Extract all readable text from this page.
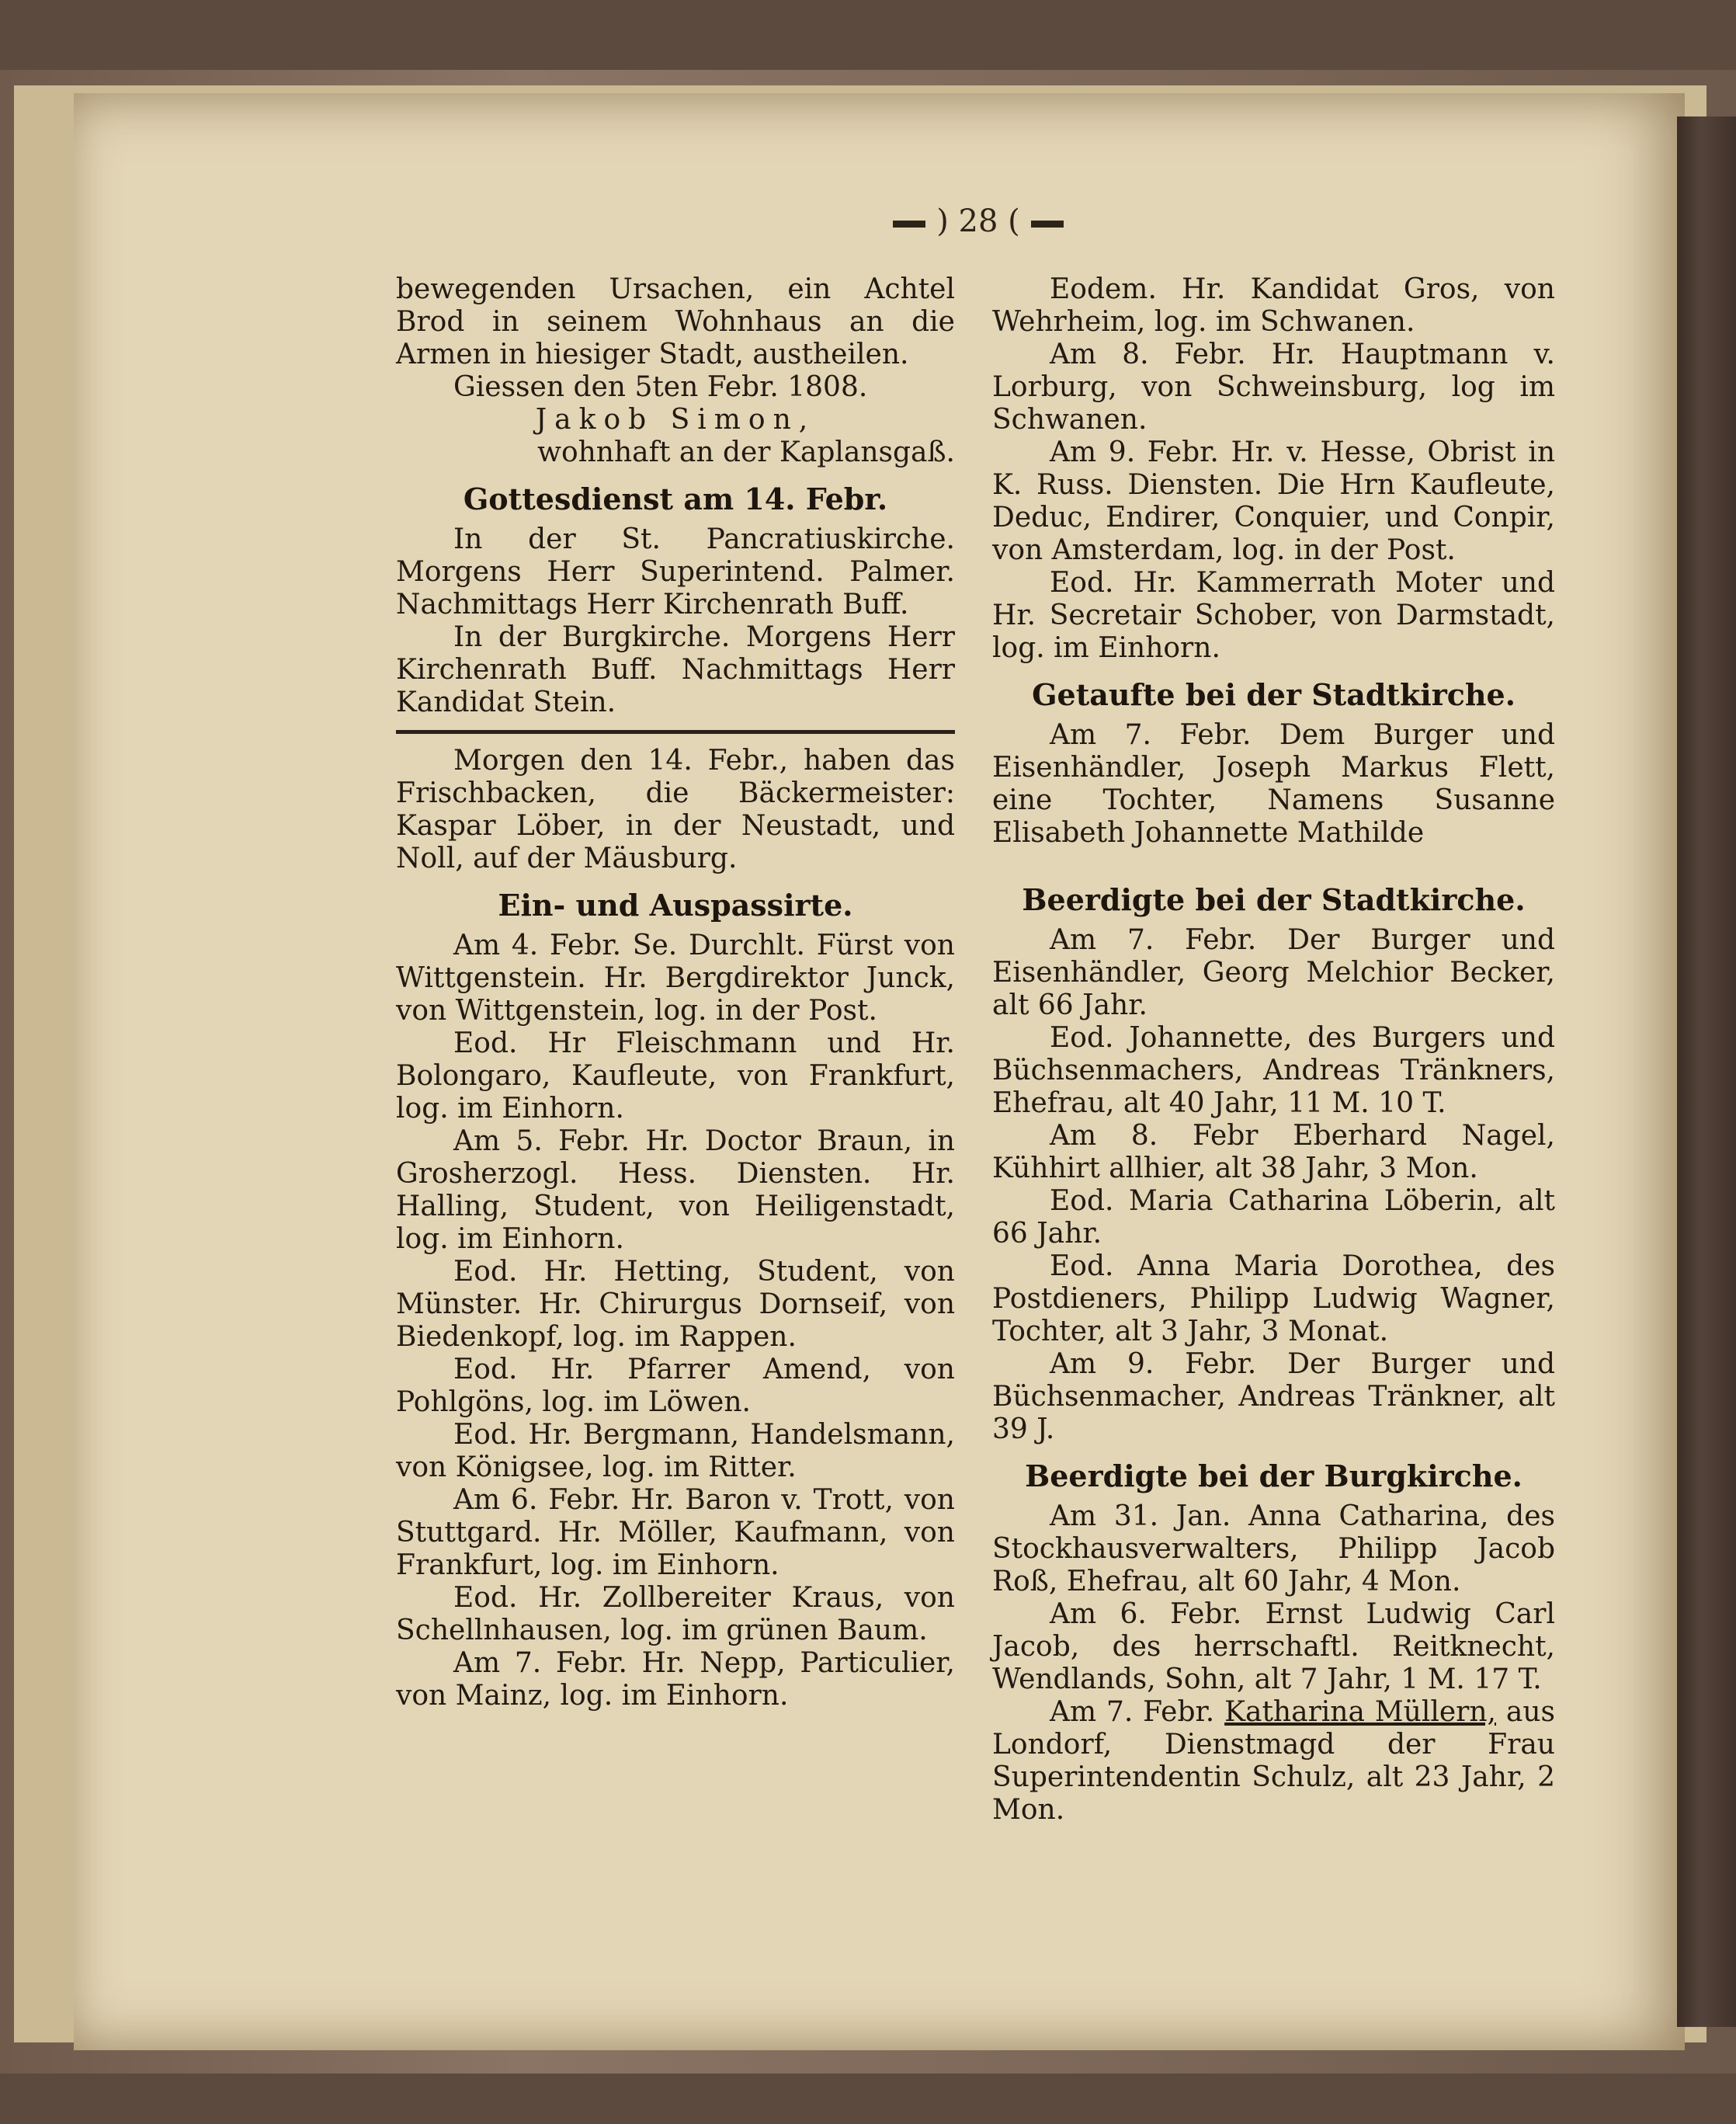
) 28 (

bewegenden Ursachen, ein Achtel Brod in seinem Wohnhaus an die Armen in hiesiger Stadt, austheilen.

Giessen den 5ten Febr. 1808.

Jakob Simon,

wohnhaft an der Kaplansgaß.

Gottesdienst am 14. Febr.

In der St. Pancratiuskirche. Morgens Herr Superintend. Palmer. Nachmittags Herr Kirchenrath Buff.

In der Burgkirche. Morgens Herr Kirchenrath Buff. Nachmittags Herr Kandidat Stein.

Morgen den 14. Febr., haben das Frischbacken, die Bäckermeister: Kaspar Löber, in der Neustadt, und Noll, auf der Mäusburg.

Ein- und Auspassirte.

Am 4. Febr. Se. Durchlt. Fürst von Wittgenstein. Hr. Bergdirektor Junck, von Wittgenstein, log. in der Post.

Eod. Hr Fleischmann und Hr. Bolongaro, Kaufleute, von Frankfurt, log. im Einhorn.

Am 5. Febr. Hr. Doctor Braun, in Grosherzogl. Hess. Diensten. Hr. Halling, Student, von Heiligenstadt, log. im Einhorn.

Eod. Hr. Hetting, Student, von Münster. Hr. Chirurgus Dornseif, von Biedenkopf, log. im Rappen.

Eod. Hr. Pfarrer Amend, von Pohlgöns, log. im Löwen.

Eod. Hr. Bergmann, Handelsmann, von Königsee, log. im Ritter.

Am 6. Febr. Hr. Baron v. Trott, von Stuttgard. Hr. Möller, Kaufmann, von Frankfurt, log. im Einhorn.

Eod. Hr. Zollbereiter Kraus, von Schellnhausen, log. im grünen Baum.

Am 7. Febr. Hr. Nepp, Particulier, von Mainz, log. im Einhorn.

Eodem. Hr. Kandidat Gros, von Wehrheim, log. im Schwanen.

Am 8. Febr. Hr. Hauptmann v. Lorburg, von Schweinsburg, log im Schwanen.

Am 9. Febr. Hr. v. Hesse, Obrist in K. Russ. Diensten. Die Hrn Kaufleute, Deduc, Endirer, Conquier, und Conpir, von Amsterdam, log. in der Post.

Eod. Hr. Kammerrath Moter und Hr. Secretair Schober, von Darmstadt, log. im Einhorn.

Getaufte bei der Stadtkirche.

Am 7. Febr. Dem Burger und Eisenhändler, Joseph Markus Flett, eine Tochter, Namens Susanne Elisabeth Johannette Mathilde

Beerdigte bei der Stadtkirche.

Am 7. Febr. Der Burger und Eisenhändler, Georg Melchior Becker, alt 66 Jahr.

Eod. Johannette, des Burgers und Büchsenmachers, Andreas Tränkners, Ehefrau, alt 40 Jahr, 11 M. 10 T.

Am 8. Febr Eberhard Nagel, Kühhirt allhier, alt 38 Jahr, 3 Mon.

Eod. Maria Catharina Löberin, alt 66 Jahr.

Eod. Anna Maria Dorothea, des Postdieners, Philipp Ludwig Wagner, Tochter, alt 3 Jahr, 3 Monat.

Am 9. Febr. Der Burger und Büchsenmacher, Andreas Tränkner, alt 39 J.

Beerdigte bei der Burgkirche.

Am 31. Jan. Anna Catharina, des Stockhausverwalters, Philipp Jacob Roß, Ehefrau, alt 60 Jahr, 4 Mon.

Am 6. Febr. Ernst Ludwig Carl Jacob, des herrschaftl. Reitknecht, Wendlands, Sohn, alt 7 Jahr, 1 M. 17 T.

Am 7. Febr. Katharina Müllern, aus Londorf, Dienstmagd der Frau Superintendentin Schulz, alt 23 Jahr, 2 Mon.
